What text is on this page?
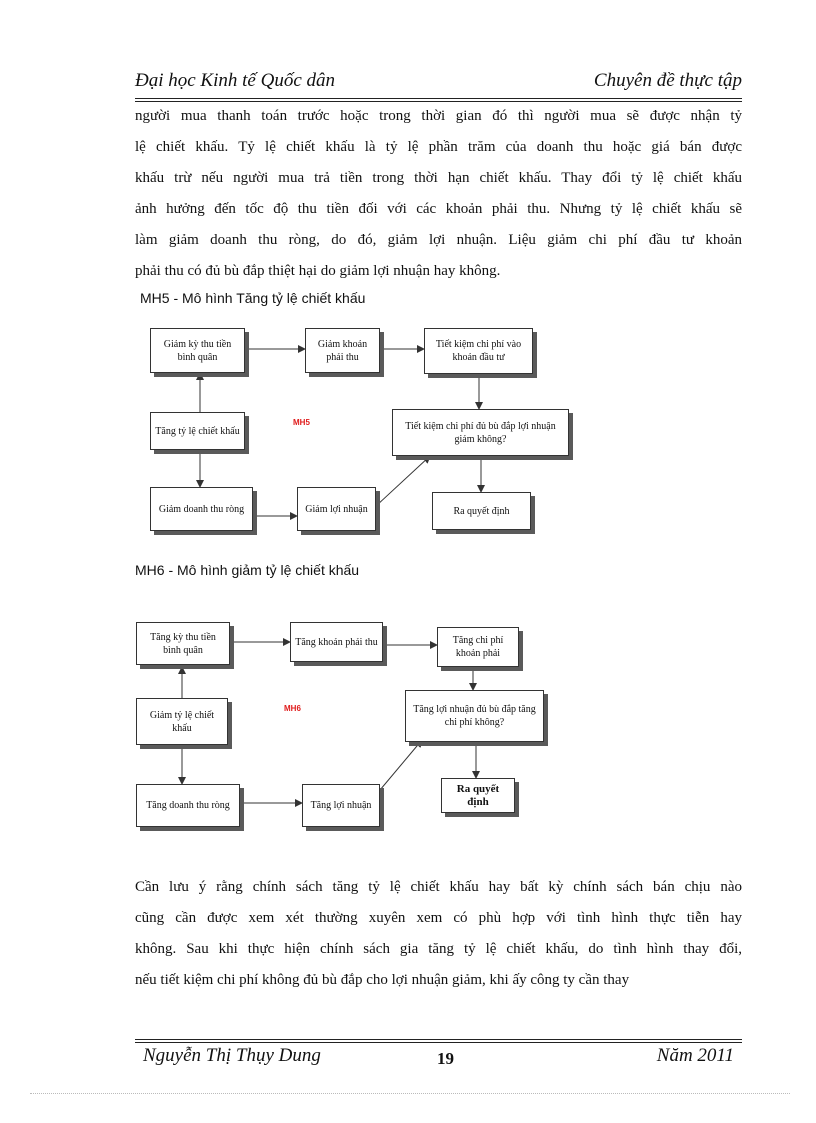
Đại học Kinh tế Quốc dân	Chuyên đề thực tập
người mua thanh toán trước hoặc trong thời gian đó thì người mua sẽ được nhận tỷ
lệ chiết khấu. Tỷ lệ chiết khấu là tỷ lệ phần trăm của doanh thu hoặc giá bán được
khấu trừ nếu người mua trả tiền trong thời hạn chiết khấu. Thay đổi tỷ lệ chiết khấu
ảnh hưởng đến tốc độ thu tiền đối với các khoản phải thu. Nhưng tỷ lệ chiết khấu sẽ
làm giảm doanh thu ròng, do đó, giảm lợi nhuận. Liệu giảm chi phí đầu tư khoản
phải thu có đủ bù đắp thiệt hại do giảm lợi nhuận hay không.
MH5 - Mô hình Tăng tỷ lệ chiết khấu
Giảm kỳ thu tiền bình quân
Giảm khoản phải thu
Tiết kiệm chi phí vào khoản đầu tư
Tăng tỷ lệ chiết khấu
MH5	Tiết kiệm chi phí đủ bù đắp lợi nhuận giảm không?
Giảm doanh thu ròng	Giảm lợi nhuận	Ra quyết định
MH6 - Mô hình giảm tỷ lệ chiết khấu
Tăng kỳ thu tiền bình quân
Tăng khoản phải thu	Tăng chi phí khoản phải
Giảm tỷ lệ chiết khấu
MH6	Tăng lợi nhuận đủ bù đắp tăng chi phí không?
Tăng doanh thu ròng	Tăng lợi nhuận
Ra quyết định
Cần lưu ý rằng chính sách tăng tỷ lệ chiết khấu hay bất kỳ chính sách bán chịu nào
cũng cần được xem xét thường xuyên xem có phù hợp với tình hình thực tiễn hay
không. Sau khi thực hiện chính sách gia tăng tỷ lệ chiết khấu, do tình hình thay đổi,
nếu tiết kiệm chi phí không đủ bù đắp cho lợi nhuận giảm, khi ấy công ty cần thay
Nguyễn Thị Thụy Dung	19	Năm 2011
